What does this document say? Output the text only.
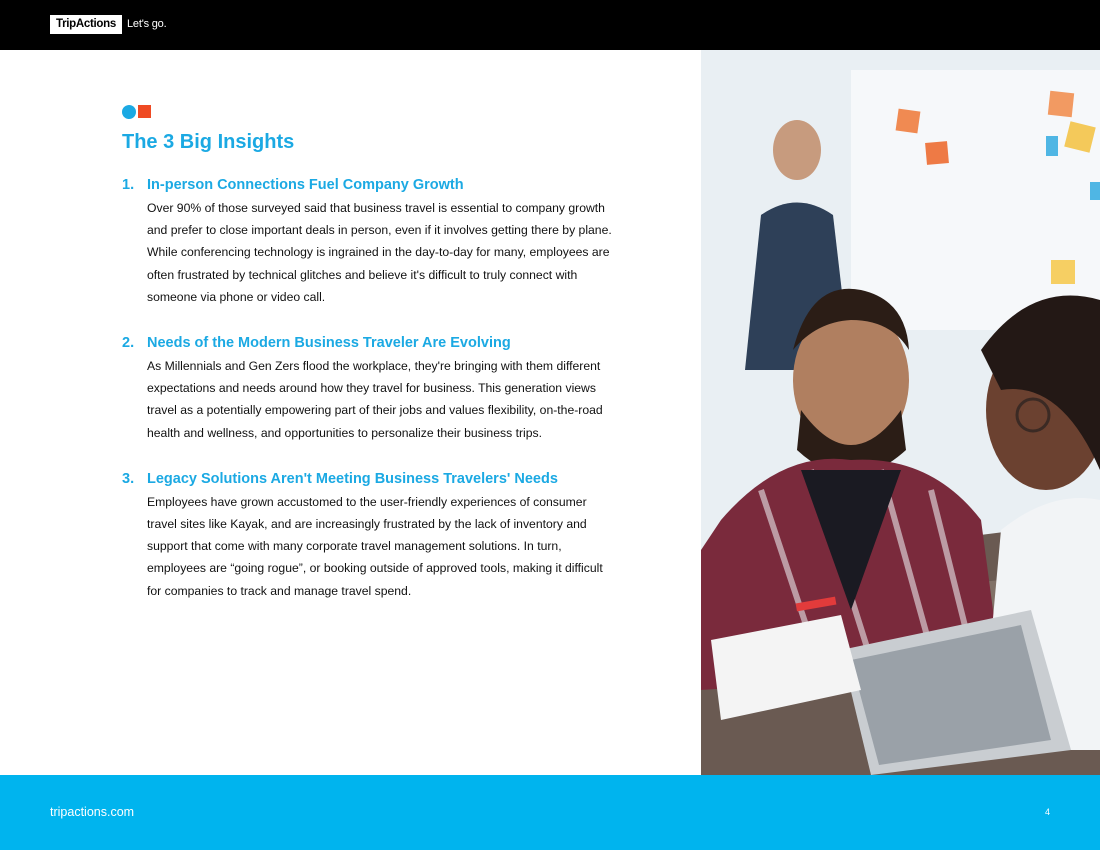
TripActions	Let's go.
The 3 Big Insights
1. In-person Connections Fuel Company Growth
Over 90% of those surveyed said that business travel is essential to company growth and prefer to close important deals in person, even if it involves getting there by plane. While conferencing technology is ingrained in the day-to-day for many, employees are often frustrated by technical glitches and believe it's difficult to truly connect with someone via phone or video call.
2. Needs of the Modern Business Traveler Are Evolving
As Millennials and Gen Zers flood the workplace, they're bringing with them different expectations and needs around how they travel for business. This generation views travel as a potentially empowering part of their jobs and values flexibility, on-the-road health and wellness, and opportunities to personalize their business trips.
3. Legacy Solutions Aren't Meeting Business Travelers' Needs
Employees have grown accustomed to the user-friendly experiences of consumer travel sites like Kayak, and are increasingly frustrated by the lack of inventory and support that come with many corporate travel management solutions. In turn, employees are “going rogue”, or booking outside of approved tools, making it difficult for companies to track and manage travel spend.
tripactions.com	4
